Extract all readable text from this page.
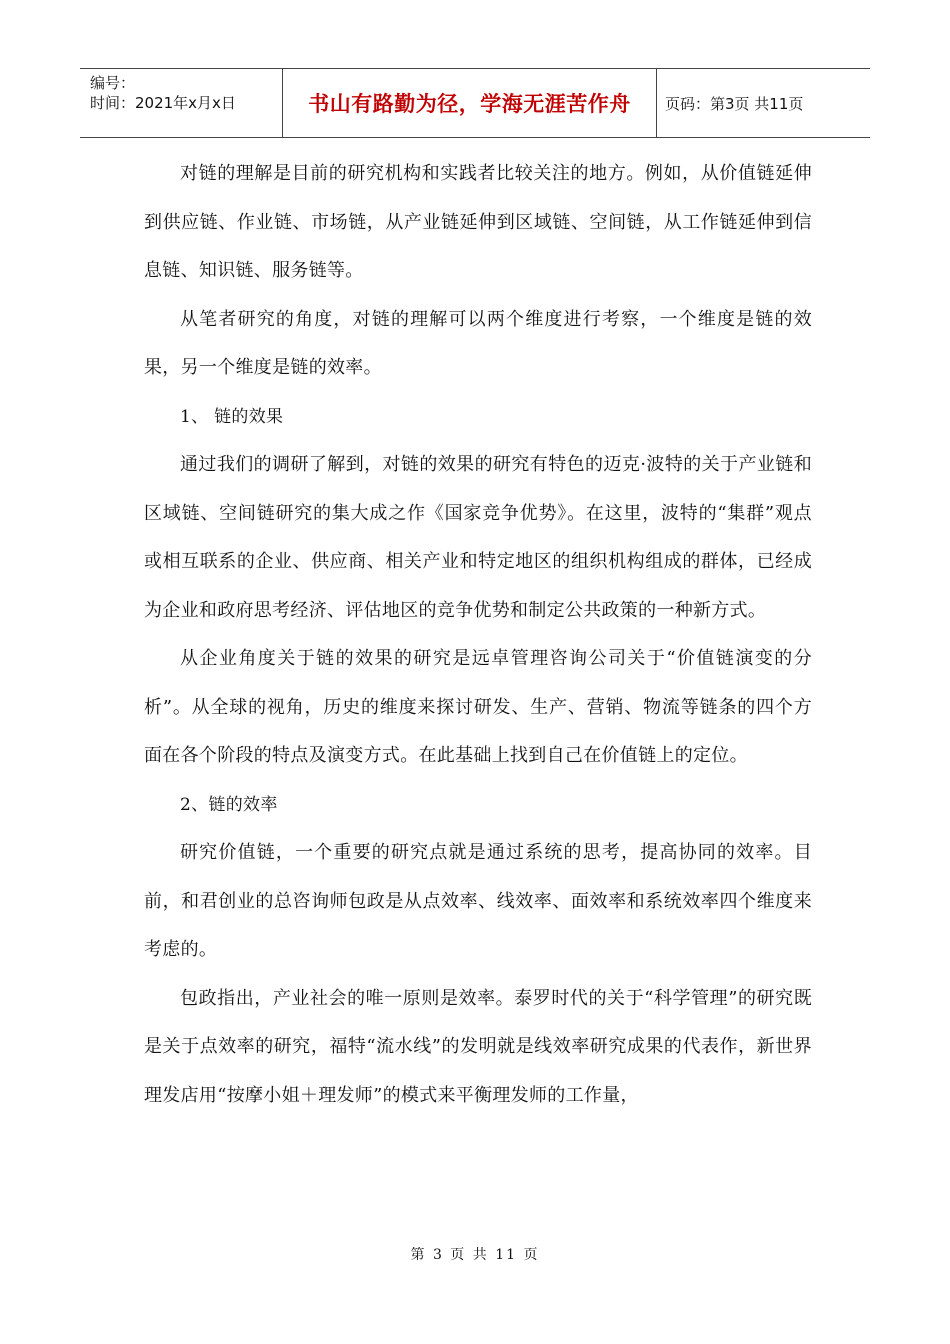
编号：
时间：2021年x月x日	书山有路勤为径，学海无涯苦作舟	页码：第3页 共11页

对链的理解是目前的研究机构和实践者比较关注的地方。例如，从价值链延伸到供应链、作业链、市场链，从产业链延伸到区域链、空间链，从工作链延伸到信息链、知识链、服务链等。

从笔者研究的角度，对链的理解可以两个维度进行考察，一个维度是链的效果，另一个维度是链的效率。

1、 链的效果

通过我们的调研了解到，对链的效果的研究有特色的迈克·波特的关于产业链和区域链、空间链研究的集大成之作《国家竞争优势》。在这里，波特的“集群”观点或相互联系的企业、供应商、相关产业和特定地区的组织机构组成的群体，已经成为企业和政府思考经济、评估地区的竞争优势和制定公共政策的一种新方式。

从企业角度关于链的效果的研究是远卓管理咨询公司关于“价值链演变的分析”。从全球的视角，历史的维度来探讨研发、生产、营销、物流等链条的四个方面在各个阶段的特点及演变方式。在此基础上找到自己在价值链上的定位。

2、链的效率

研究价值链，一个重要的研究点就是通过系统的思考，提高协同的效率。目前，和君创业的总咨询师包政是从点效率、线效率、面效率和系统效率四个维度来考虑的。

包政指出，产业社会的唯一原则是效率。泰罗时代的关于“科学管理”的研究既是关于点效率的研究，福特“流水线”的发明就是线效率研究成果的代表作，新世界理发店用“按摩小姐＋理发师”的模式来平衡理发师的工作量，

第 3 页 共 11 页
